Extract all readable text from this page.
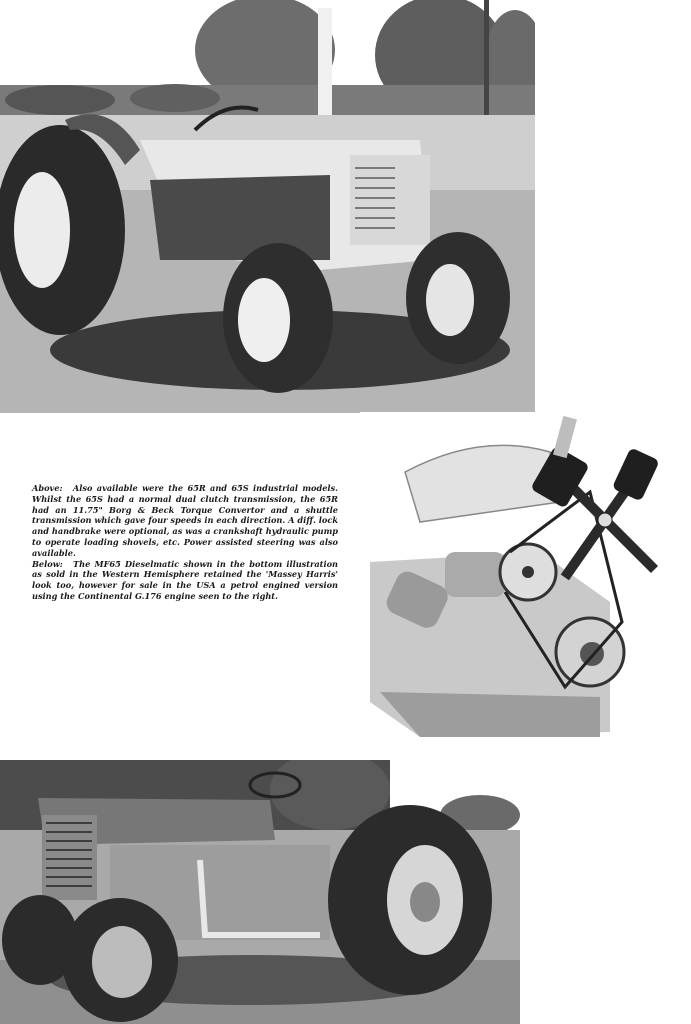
Above: Also available were the 65R and 65S industrial models. Whilst the 65S had a normal dual clutch transmission, the 65R had an 11.75" Borg & Beck Torque Convertor and a shuttle transmission which gave four speeds in each direction. A diff. lock and handbrake were optional, as was a crankshaft hydraulic pump to operate loading shovels, etc. Power assisted steering was also available.

Below: The MF65 Dieselmatic shown in the bottom illustration as sold in the Western Hemisphere retained the 'Massey Harris' look too, however for sale in the USA a petrol engined version using the Continental G.176 engine seen to the right.
